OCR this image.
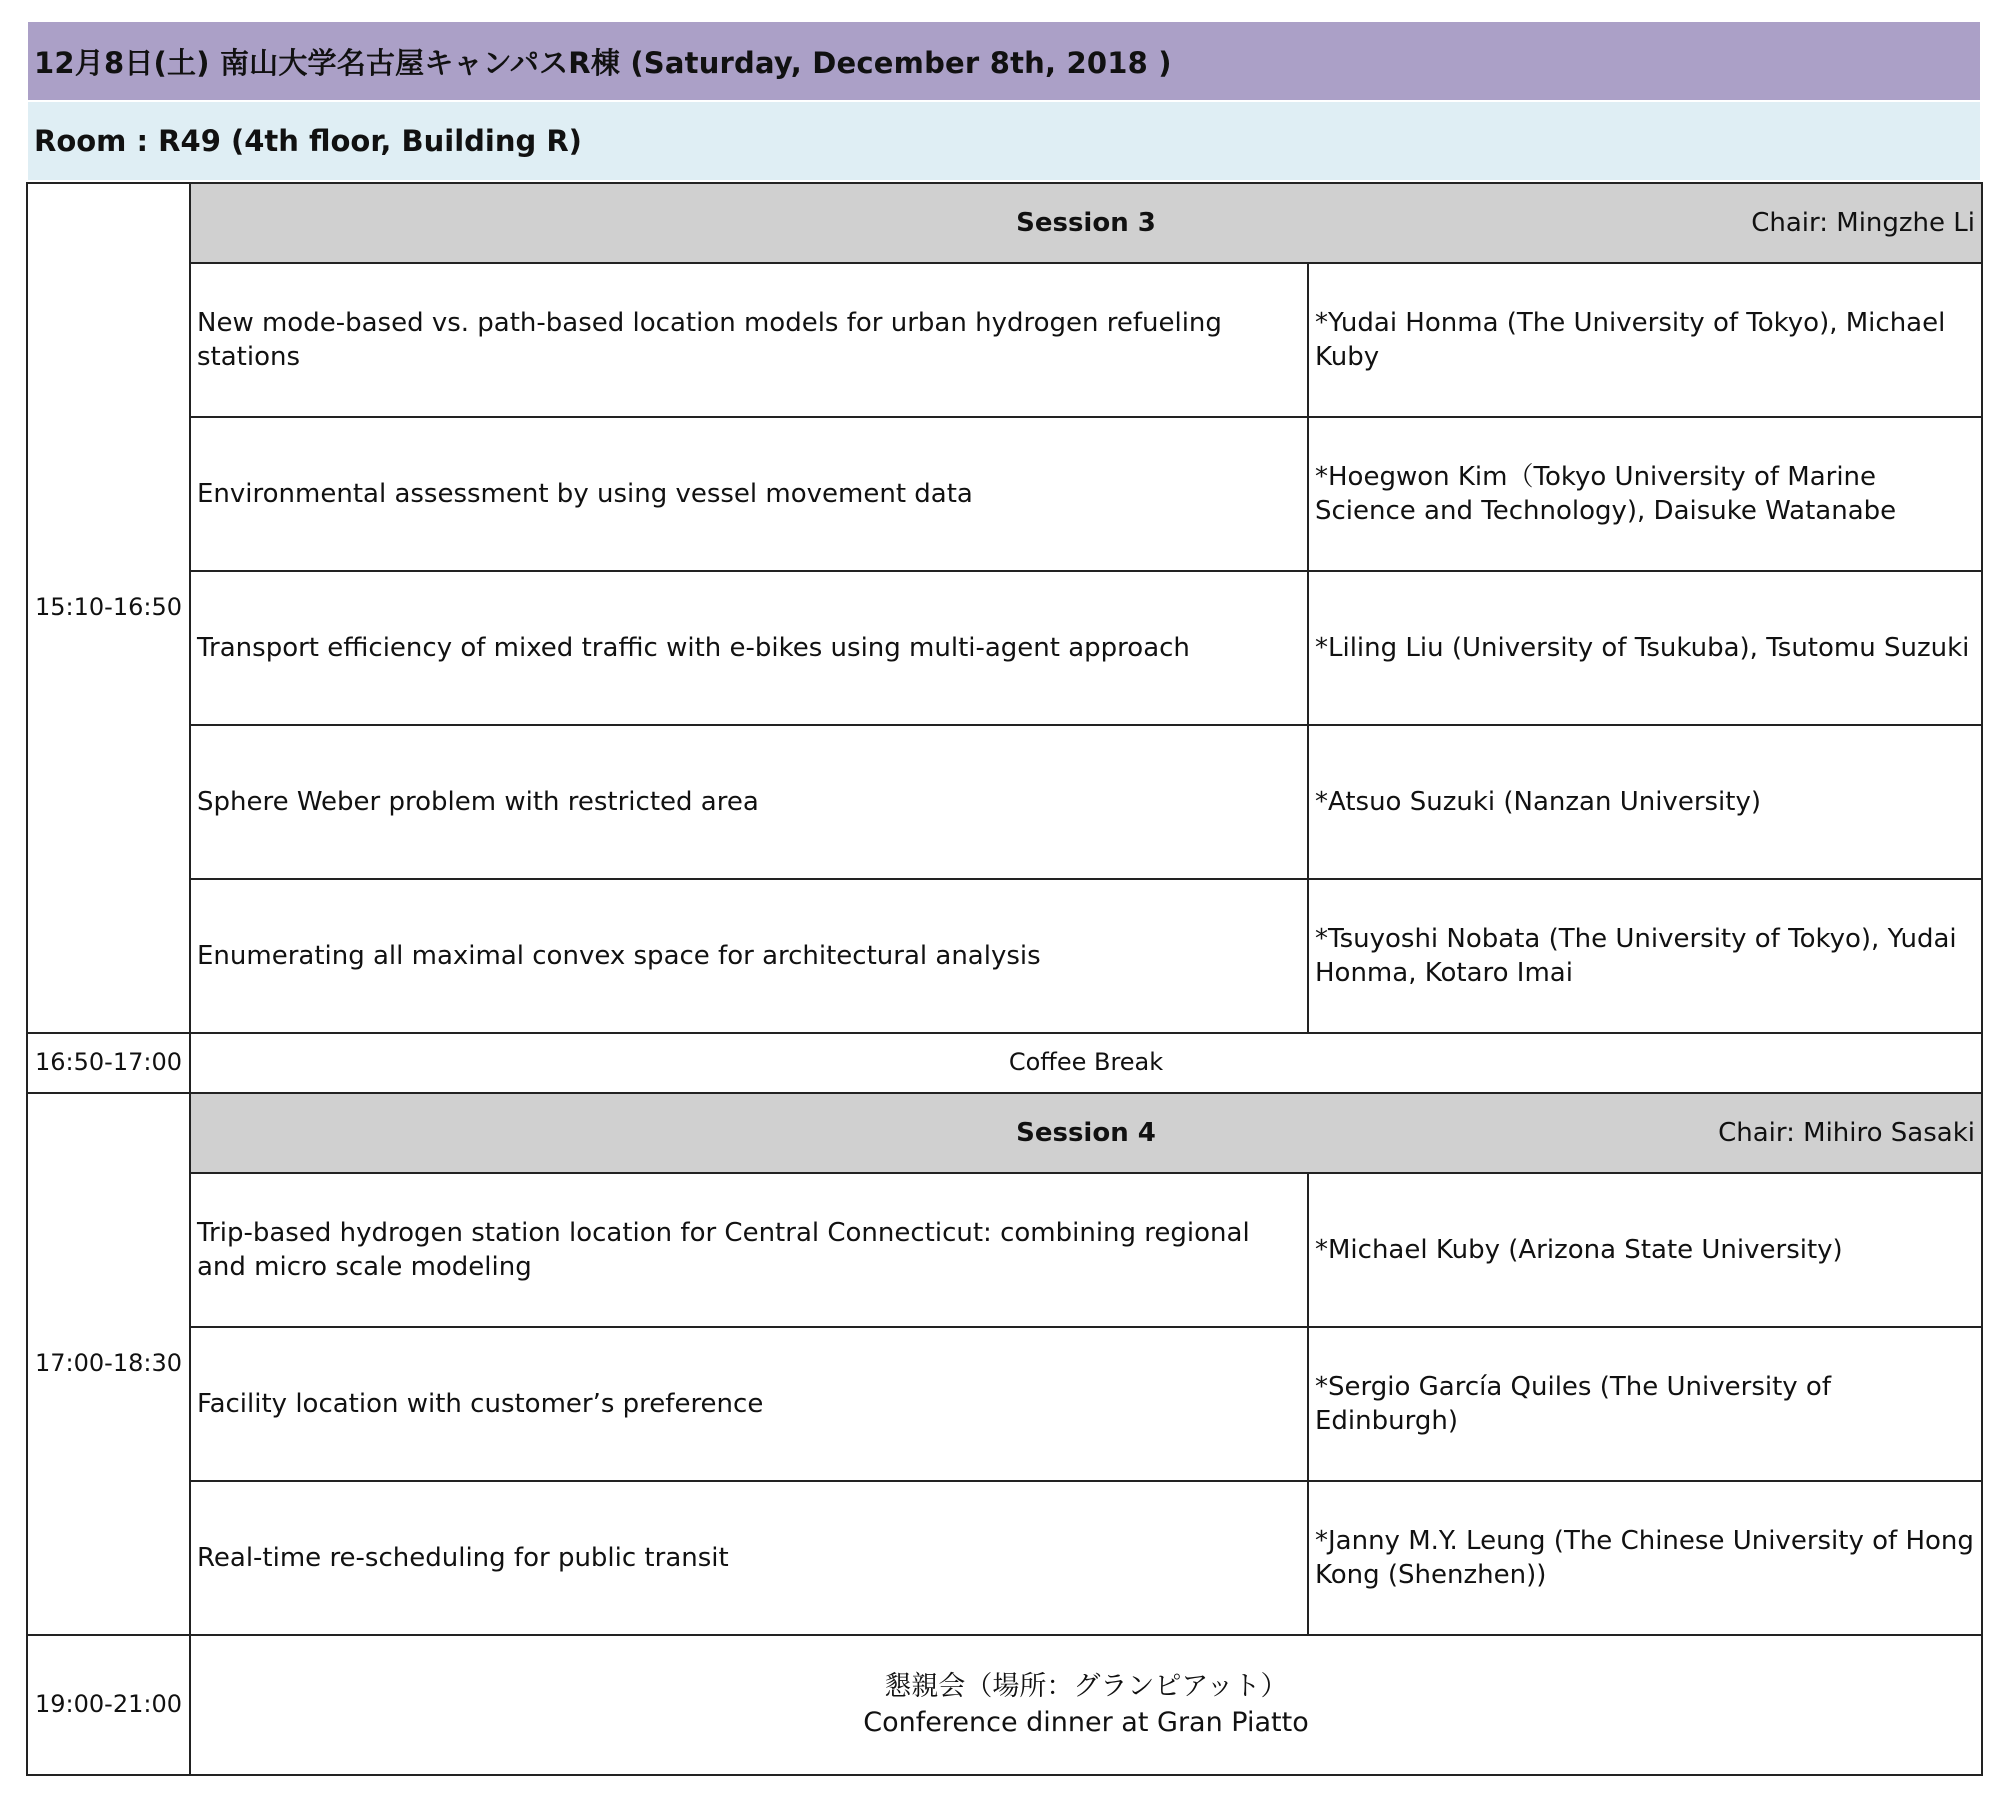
12月8日(土) 南山大学名古屋キャンパスR棟 (Saturday, December 8th, 2018 )
Room : R49 (4th floor, Building R)
15:10-16:50	Session 3 Chair: Mingzhe Li	

	New mode-based vs. path-based location models for urban hydrogen refueling stations	*Yudai Honma (The University of Tokyo), Michael Kuby
	Environmental assessment by using vessel movement data	*Hoegwon Kim（Tokyo University of Marine Science and Technology), Daisuke Watanabe
	Transport efficiency of mixed traffic with e-bikes using multi-agent approach	*Liling Liu (University of Tsukuba), Tsutomu Suzuki
	Sphere Weber problem with restricted area	*Atsuo Suzuki (Nanzan University)
	Enumerating all maximal convex space for architectural analysis	*Tsuyoshi Nobata (The University of Tokyo), Yudai Honma, Kotaro Imai
16:50-17:00	Coffee Break	
17:00-18:30	Session 4 Chair: Mihiro Sasaki	

	Trip-based hydrogen station location for Central Connecticut: combining regional and micro scale modeling	*Michael Kuby (Arizona State University)
	Facility location with customer’s preference	*Sergio García Quiles (The University of Edinburgh)
	Real-time re-scheduling for public transit	*Janny M.Y. Leung (The Chinese University of Hong Kong (Shenzhen))
19:00-21:00	懇親会（場所：グランピアット）
Conference dinner at Gran Piatto	
